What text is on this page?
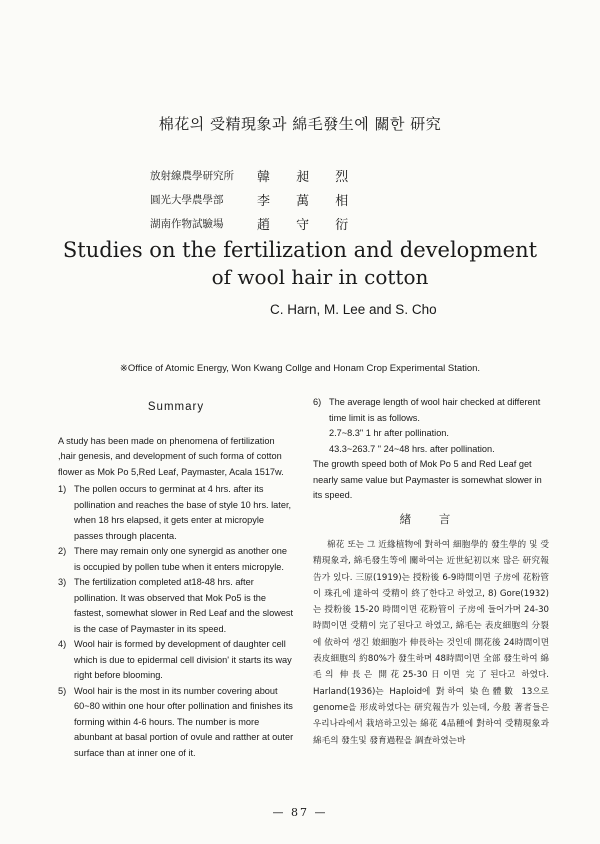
棉花의 受精現象과 綿毛發生에 關한 研究
放射線農學研究所 韓 昶 烈
圓光大學農學部	李 萬 相
湖南作物試驗場	趙 守 衍
Studies on the fertilization and development
of wool hair in cotton
C. Harn, M. Lee and S. Cho
※Office of Atomic Energy, Won Kwang Collge and Honam Crop Experimental Station.
Summary

A study has been made on phenomena of fertilization ,hair genesis, and development of such forma of cotton flower as Mok Po 5,Red Leaf, Paymaster, Acala 1517w.

1) The pollen occurs to germinat at 4 hrs. after its pollination and reaches the base of style 10 hrs. later, when 18 hrs elapsed, it gets enter at micropyle passes through placenta.
2) There may remain only one synergid as another one is occupied by pollen tube when it enters micropyle.
3) The fertilization completed at18-48 hrs. after pollination. It was observed that Mok Po5 is the fastest, somewhat slower in Red Leaf and the slowest is the case of Paymaster in its speed.
4) Wool hair is formed by development of daughter cell which is due to epidermal cell division' it starts its way right before blooming.
5) Wool hair is the most in its number covering about 60~80 within one hour ofter pollination and finishes its forming within 4-6 hours. The number is more abunbant at basal portion of ovule and ratther at outer surface than at inner one of it.
6) The average length of wool hair checked at different time limit is as follows.

2.7~8.3" 1 hr after pollination.

43.3~263.7 " 24~48 hrs. after pollination.

The growth speed both of Mok Po 5 and Red Leaf get nearly same value but Paymaster is somewhat slower in its speed.

緖 言

棉花 또는 그 近緣植物에 對하여 細胞學的 發生學的 및 受精現象과, 綿毛發生等에 關하여는 近世紀初以來 많은 研究報告가 있다. 三原(1919)는 授粉後 6-9時間이면 子房에 花粉管이 珠孔에 達하여 受精이 終了한다고 하였고, 8) Gore(1932)는 授粉後 15-20 時間이면 花粉管이 子房에 들어가며 24-30時間이면 受精이 完了된다고 하였고, 綿毛는 表皮細胞의 分裂에 依하여 생긴 娘細胞가 伸長하는 것인데 開花後 24時間이면 表皮細胞의 約80%가 發生하며 48時間이면 全部 發生하여 綿毛의 伸長은 開花25-30日이면 完了된다고 하였다. Harland(1936)는 Haploid에 對하여 染色體數 13으로 genome을 形成하였다는 研究報告가 있는데, 今般 著者들은 우리나라에서 栽培하고있는 綿花 4品種에 對하여 受精現象과 綿毛의 發生및 發育過程을 調査하였는바

— 87 —
